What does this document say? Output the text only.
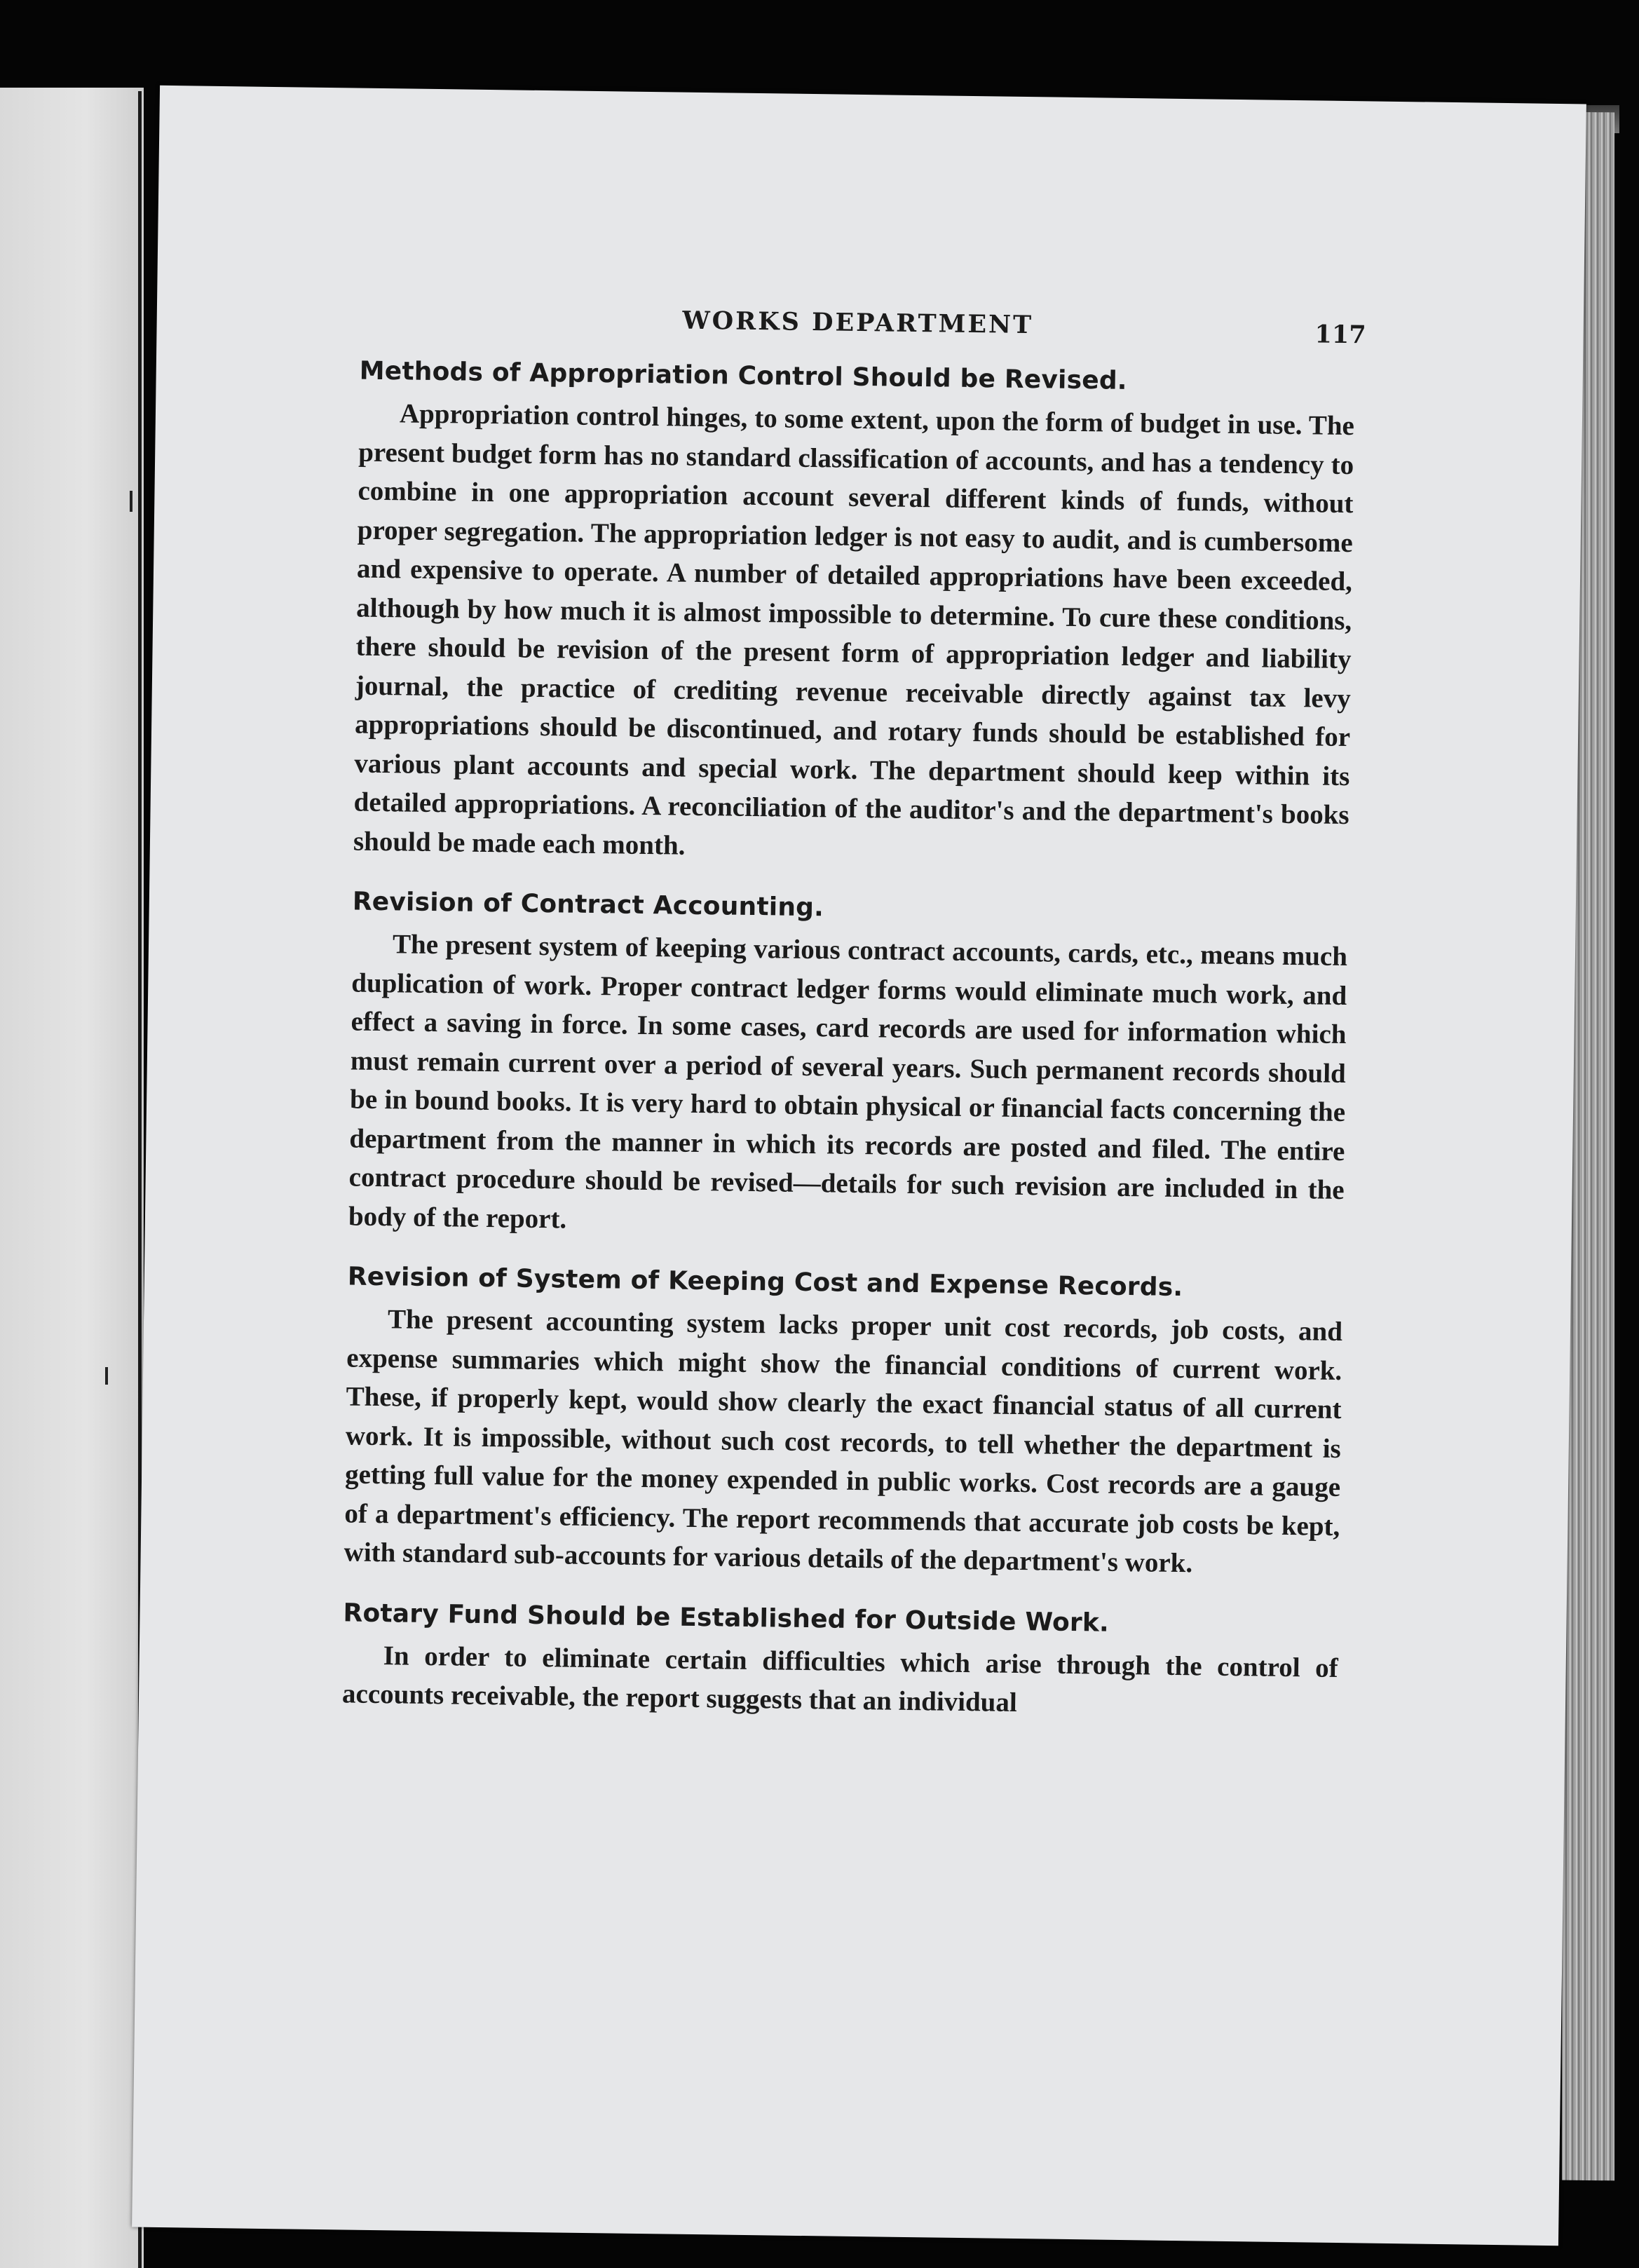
WORKS DEPARTMENT	117
Methods of Appropriation Control Should be Revised.

Appropriation control hinges, to some extent, upon the form of budget in use. The present budget form has no standard classification of accounts, and has a tendency to combine in one appropriation account several different kinds of funds, without proper segregation. The appropriation ledger is not easy to audit, and is cumbersome and expensive to operate. A number of detailed appropriations have been exceeded, although by how much it is almost impossible to determine. To cure these conditions, there should be revision of the present form of appropriation ledger and liability journal, the practice of crediting revenue receivable directly against tax levy appropriations should be discontinued, and rotary funds should be established for various plant accounts and special work. The department should keep within its detailed appropriations. A reconciliation of the auditor's and the department's books should be made each month.

Revision of Contract Accounting.

The present system of keeping various contract accounts, cards, etc., means much duplication of work. Proper contract ledger forms would eliminate much work, and effect a saving in force. In some cases, card records are used for information which must remain current over a period of several years. Such permanent records should be in bound books. It is very hard to obtain physical or financial facts concerning the department from the manner in which its records are posted and filed. The entire contract procedure should be revised—details for such revision are included in the body of the report.

Revision of System of Keeping Cost and Expense Records.

The present accounting system lacks proper unit cost records, job costs, and expense summaries which might show the financial conditions of current work. These, if properly kept, would show clearly the exact financial status of all current work. It is impossible, without such cost records, to tell whether the department is getting full value for the money expended in public works. Cost records are a gauge of a department's efficiency. The report recommends that accurate job costs be kept, with standard sub-accounts for various details of the department's work.

Rotary Fund Should be Established for Outside Work.

In order to eliminate certain difficulties which arise through the control of accounts receivable, the report suggests that an individual
